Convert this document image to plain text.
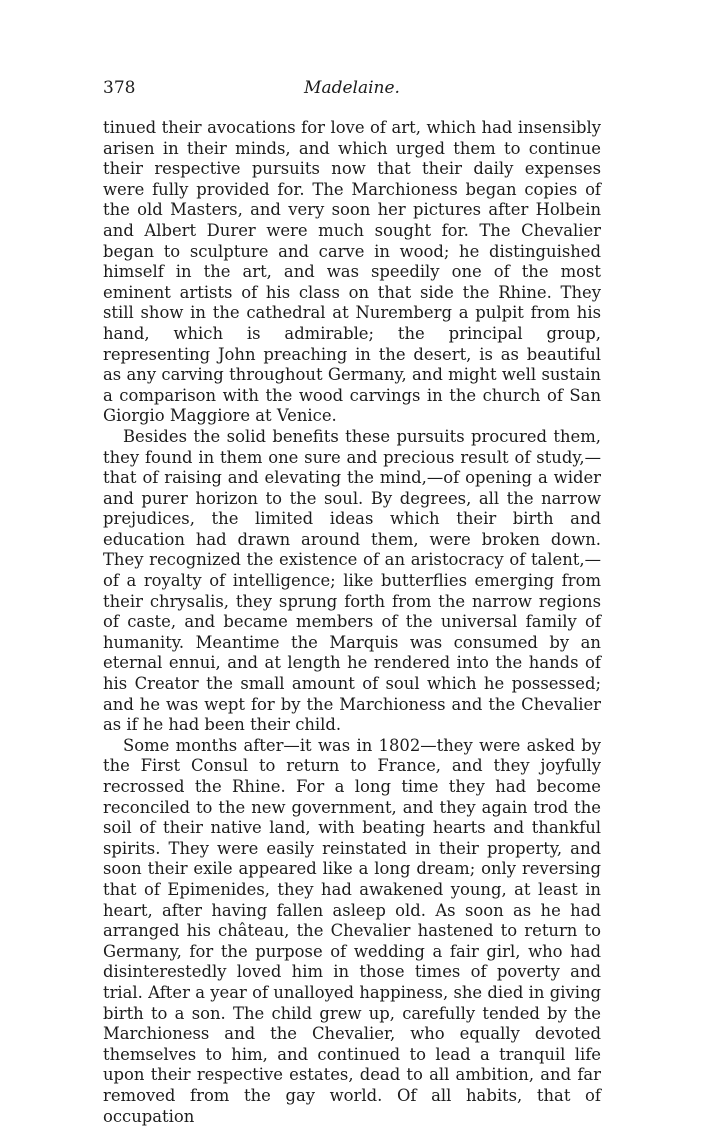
378	Madelaine.

tinued their avocations for love of art, which had insensibly arisen in their minds, and which urged them to continue their respective pursuits now that their daily expenses were fully provided for. The Marchioness began copies of the old Masters, and very soon her pictures after Holbein and Albert Durer were much sought for. The Chevalier began to sculpture and carve in wood; he distinguished himself in the art, and was speedily one of the most eminent artists of his class on that side the Rhine. They still show in the cathedral at Nuremberg a pulpit from his hand, which is admirable; the principal group, representing John preaching in the desert, is as beautiful as any carving throughout Germany, and might well sustain a comparison with the wood carvings in the church of San Giorgio Maggiore at Venice.

Besides the solid benefits these pursuits procured them, they found in them one sure and precious result of study,—that of raising and elevating the mind,—of opening a wider and purer horizon to the soul. By degrees, all the narrow prejudices, the limited ideas which their birth and education had drawn around them, were broken down. They recognized the existence of an aristocracy of talent,—of a royalty of intelligence; like butterflies emerging from their chrysalis, they sprung forth from the narrow regions of caste, and became members of the universal family of humanity. Meantime the Marquis was consumed by an eternal ennui, and at length he rendered into the hands of his Creator the small amount of soul which he possessed; and he was wept for by the Marchioness and the Chevalier as if he had been their child.

Some months after—it was in 1802—they were asked by the First Consul to return to France, and they joyfully recrossed the Rhine. For a long time they had become reconciled to the new government, and they again trod the soil of their native land, with beating hearts and thankful spirits. They were easily reinstated in their property, and soon their exile appeared like a long dream; only reversing that of Epimenides, they had awakened young, at least in heart, after having fallen asleep old. As soon as he had arranged his château, the Chevalier hastened to return to Germany, for the purpose of wedding a fair girl, who had disinterestedly loved him in those times of poverty and trial. After a year of unalloyed happiness, she died in giving birth to a son. The child grew up, carefully tended by the Marchioness and the Chevalier, who equally devoted themselves to him, and continued to lead a tranquil life upon their respective estates, dead to all ambition, and far removed from the gay world. Of all habits, that of occupation
